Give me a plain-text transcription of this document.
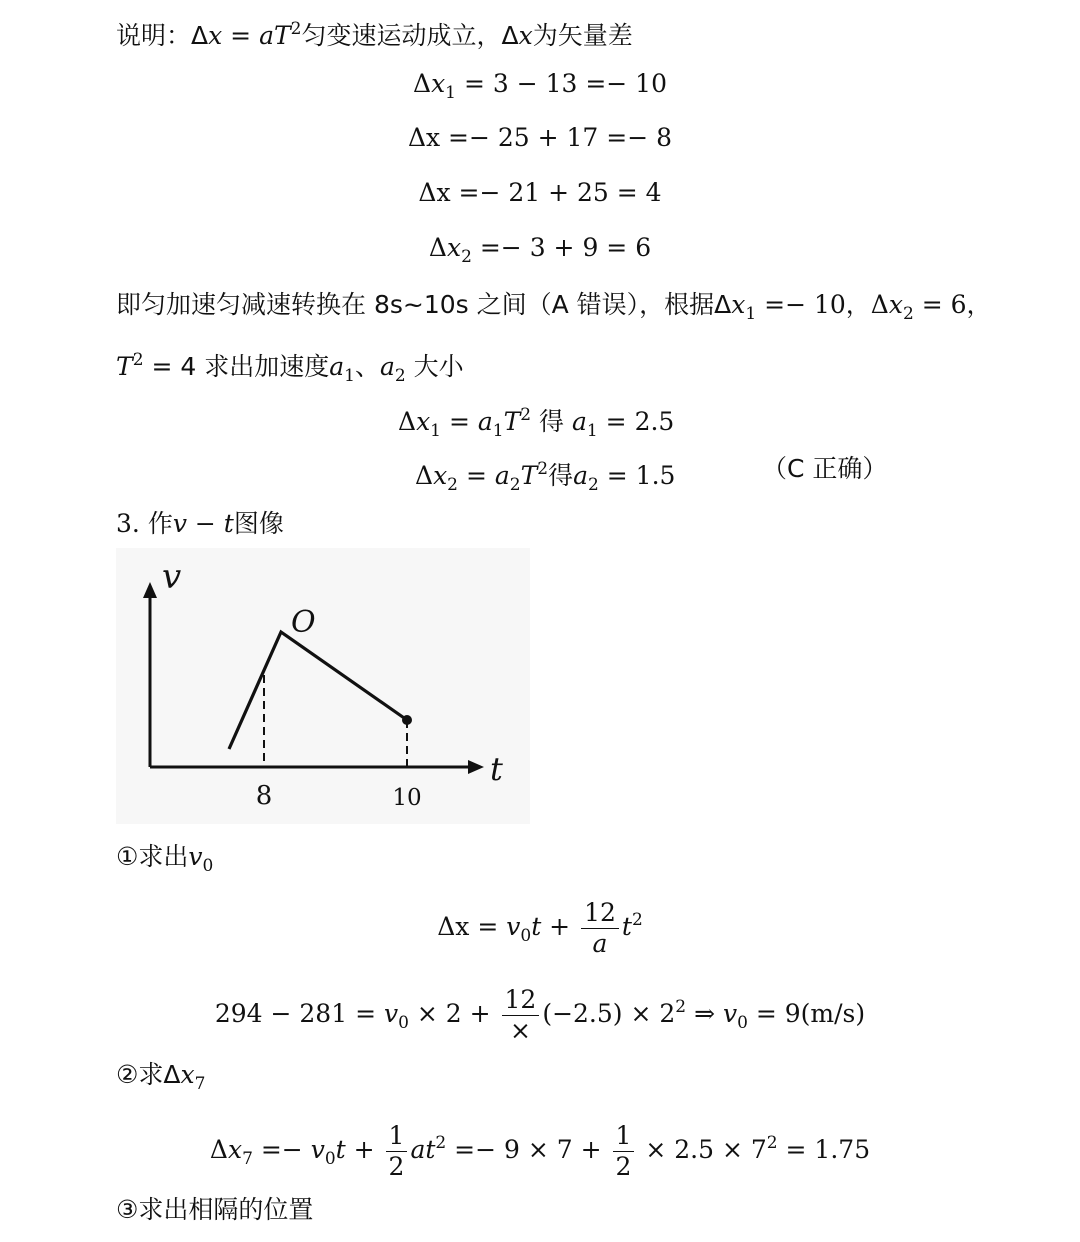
说明：$\Delta x = aT^2$匀变速运动成立，Δx为矢量差
$\Delta x_1 = 3 - 13 =- 10$
Δx =− 25 + 17 =− 8
Δx =− 21 + 25 = 4
$\Delta x_2 =- 3 + 9 = 6$
即匀加速匀减速转换在 8s~10s 之间（A 错误），根据$\Delta x_1 =- 10$，$\Delta x_2 = 6$，
$T^2 = 4$ 求出加速度$a_1$、$a_2$ 大小
$\Delta x_1 = a_1T^2$ 得 $a_1 = 2.5$
$\Delta x_2 = a_2T^2$得$a_2 = 1.5$	（C 正确）
3. 作v − t图像
v
t
O
8	10
①求出$v_0$
$\Delta x = v_0t + \frac{12}{a} t^2$
$294 - 281 = v_0 \times 2 + \frac{12}{\times} (-2.5) \times 2^2$ ⇒ $v_0 = 9(m/s)$
②求$\Delta x_7$
$\Delta x_7 =- v_0t + \frac{1}{2} at^2 =- 9 \times 7 + \frac{1}{2} \times 2.5 \times 7^2 = 1.75$
③求出相隔的位置
